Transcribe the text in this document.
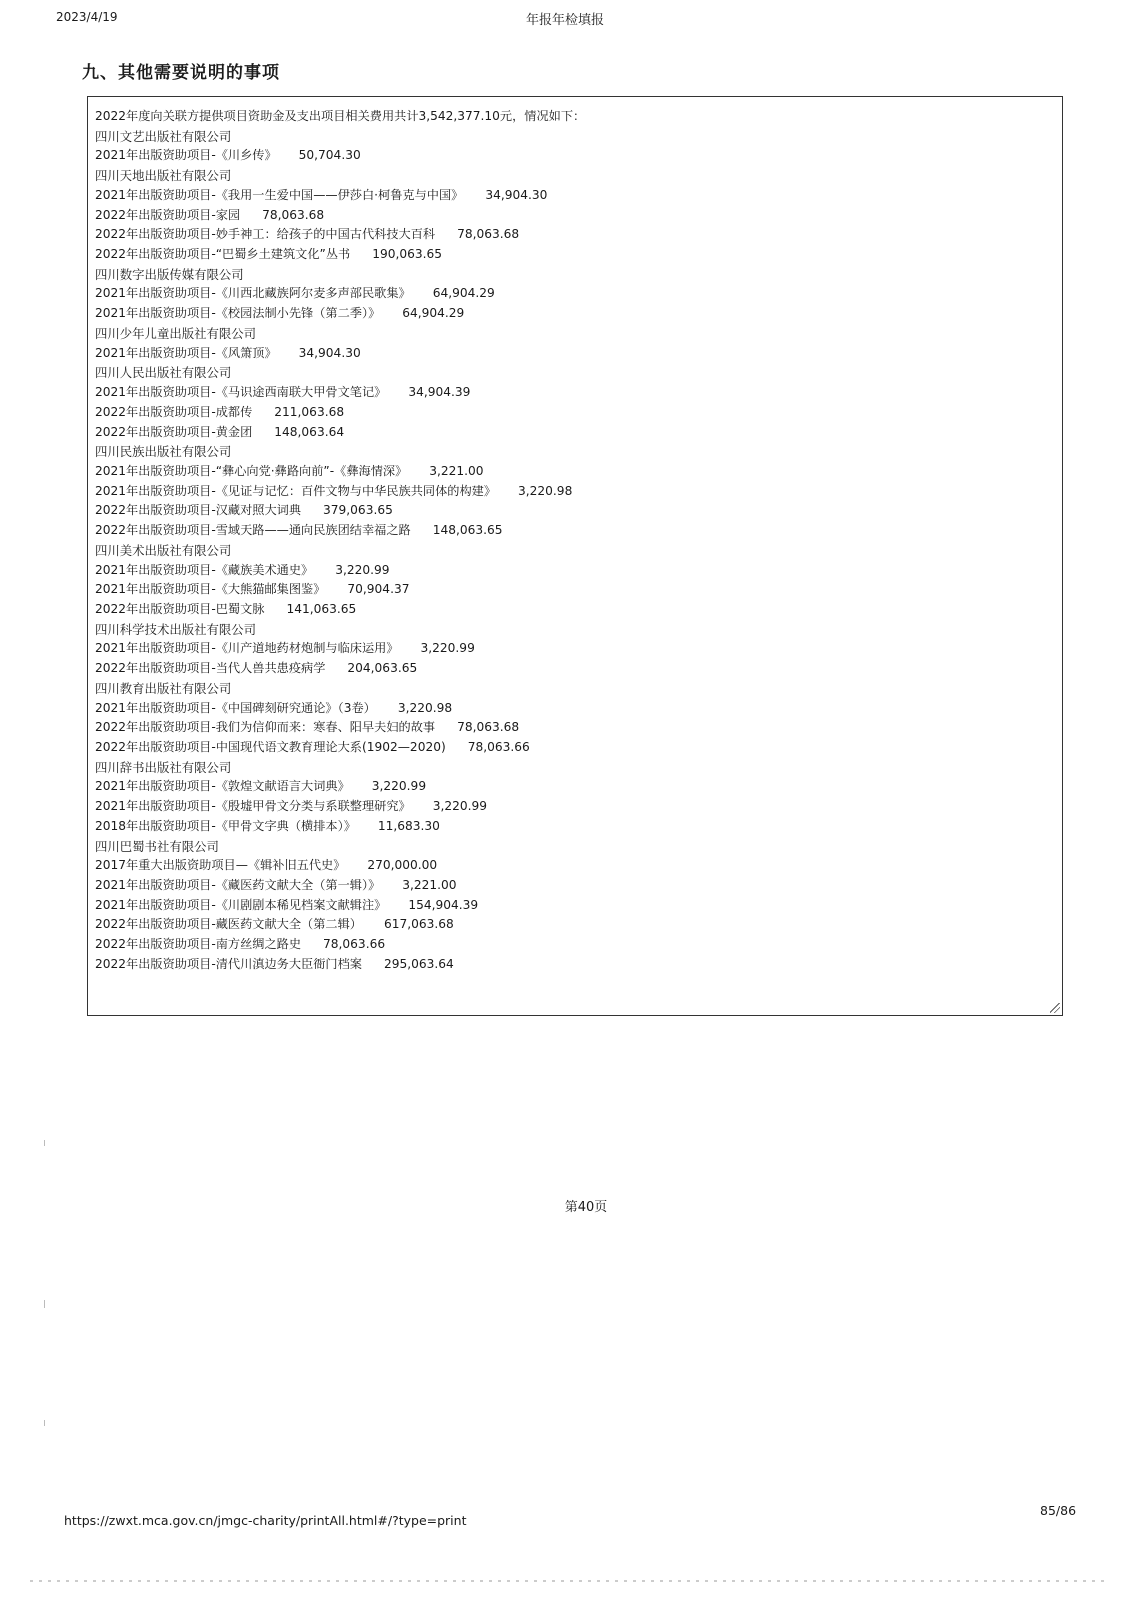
2023/4/19	年报年检填报
九、其他需要说明的事项
2022年度向关联方提供项目资助金及支出项目相关费用共计3,542,377.10元，情况如下：
四川文艺出版社有限公司
2021年出版资助项目-《川乡传》 50,704.30
四川天地出版社有限公司
2021年出版资助项目-《我用一生爱中国——伊莎白·柯鲁克与中国》 34,904.30
2022年出版资助项目-家园 78,063.68
2022年出版资助项目-妙手神工：给孩子的中国古代科技大百科 78,063.68
2022年出版资助项目-“巴蜀乡土建筑文化”丛书 190,063.65
四川数字出版传媒有限公司
2021年出版资助项目-《川西北藏族阿尔麦多声部民歌集》 64,904.29
2021年出版资助项目-《校园法制小先锋（第二季）》 64,904.29
四川少年儿童出版社有限公司
2021年出版资助项目-《风箫顶》 34,904.30
四川人民出版社有限公司
2021年出版资助项目-《马识途西南联大甲骨文笔记》 34,904.39
2022年出版资助项目-成都传 211,063.68
2022年出版资助项目-黄金团 148,063.64
四川民族出版社有限公司
2021年出版资助项目-“彝心向党·彝路向前”-《彝海情深》 3,221.00
2021年出版资助项目-《见证与记忆：百件文物与中华民族共同体的构建》 3,220.98
2022年出版资助项目-汉藏对照大词典 379,063.65
2022年出版资助项目-雪域天路——通向民族团结幸福之路 148,063.65
四川美术出版社有限公司
2021年出版资助项目-《藏族美术通史》 3,220.99
2021年出版资助项目-《大熊猫邮集图鉴》 70,904.37
2022年出版资助项目-巴蜀文脉 141,063.65
四川科学技术出版社有限公司
2021年出版资助项目-《川产道地药材炮制与临床运用》 3,220.99
2022年出版资助项目-当代人兽共患疫病学 204,063.65
四川教育出版社有限公司
2021年出版资助项目-《中国碑刻研究通论》（3卷） 3,220.98
2022年出版资助项目-我们为信仰而来：寒春、阳早夫妇的故事 78,063.68
2022年出版资助项目-中国现代语文教育理论大系(1902—2020) 78,063.66
四川辞书出版社有限公司
2021年出版资助项目-《敦煌文献语言大词典》 3,220.99
2021年出版资助项目-《殷墟甲骨文分类与系联整理研究》 3,220.99
2018年出版资助项目-《甲骨文字典（横排本）》 11,683.30
四川巴蜀书社有限公司
2017年重大出版资助项目—《辑补旧五代史》 270,000.00
2021年出版资助项目-《藏医药文献大全（第一辑）》 3,221.00
2021年出版资助项目-《川剧剧本稀见档案文献辑注》 154,904.39
2022年出版资助项目-藏医药文献大全（第二辑） 617,063.68
2022年出版资助项目-南方丝绸之路史 78,063.66
2022年出版资助项目-清代川滇边务大臣衙门档案 295,063.64
第40页
https://zwxt.mca.gov.cn/jmgc-charity/printAll.html#/?type=print
85/86
